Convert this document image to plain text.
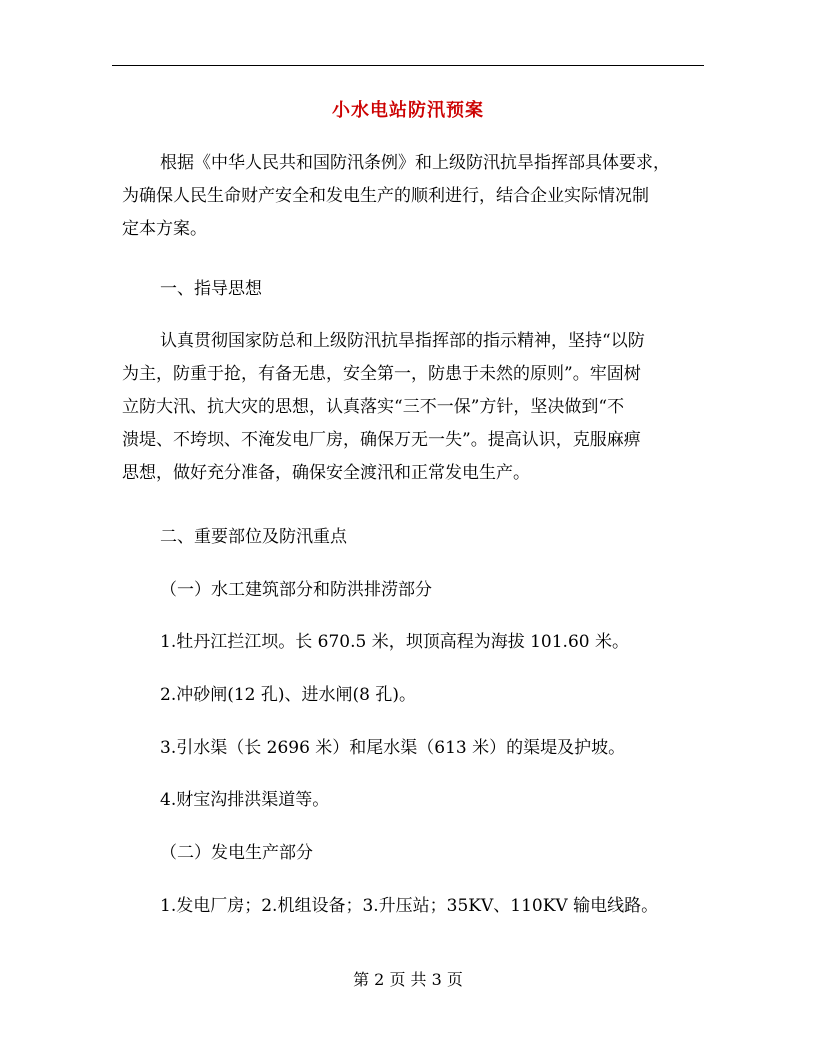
小水电站防汛预案
根据《中华人民共和国防汛条例》和上级防汛抗旱指挥部具体要求，
为确保人民生命财产安全和发电生产的顺利进行，结合企业实际情况制
定本方案。
一、指导思想
认真贯彻国家防总和上级防汛抗旱指挥部的指示精神，坚持“以防
为主，防重于抢，有备无患，安全第一，防患于未然的原则”。牢固树
立防大汛、抗大灾的思想，认真落实“三不一保”方针，坚决做到“不
溃堤、不垮坝、不淹发电厂房，确保万无一失”。提高认识，克服麻痹
思想，做好充分准备，确保安全渡汛和正常发电生产。
二、重要部位及防汛重点
（一）水工建筑部分和防洪排涝部分
1.牡丹江拦江坝。长 670.5 米，坝顶高程为海拔 101.60 米。
2.冲砂闸(12 孔)、进水闸(8 孔)。
3.引水渠（长 2696 米）和尾水渠（613 米）的渠堤及护坡。
4.财宝沟排洪渠道等。
（二）发电生产部分
1.发电厂房；2.机组设备；3.升压站；35KV、110KV 输电线路。
第 2 页 共 3 页
